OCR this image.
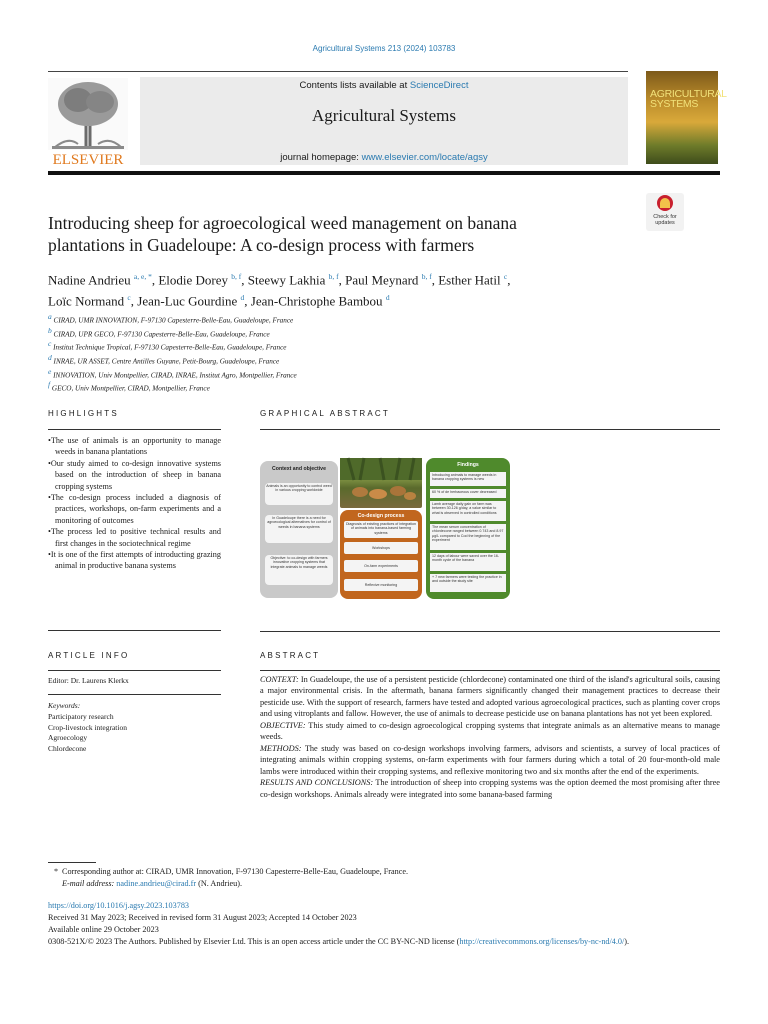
Agricultural Systems 213 (2024) 103783
ELSEVIER
Contents lists available at ScienceDirect
Agricultural Systems
journal homepage: www.elsevier.com/locate/agsy
AGRICULTURAL
SYSTEMS
Introducing sheep for agroecological weed management on banana
plantations in Guadeloupe: A co-design process with farmers
Check for
updates
Nadine Andrieu $^{a, e, *}$, Elodie Dorey $^{b, f}$, Steewy Lakhia $^{b, f}$, Paul Meynard $^{b, f}$, Esther Hatil $^c$,
Loïc Normand $^c$, Jean-Luc Gourdine $^d$, Jean-Christophe Bambou $^d$
$^a$ CIRAD, UMR INNOVATION, F-97130 Capesterre-Belle-Eau, Guadeloupe, France
$^b$ CIRAD, UPR GECO, F-97130 Capesterre-Belle-Eau, Guadeloupe, France
$^c$ Institut Technique Tropical, F-97130 Capesterre-Belle-Eau, Guadeloupe, France
$^d$ INRAE, UR ASSET, Centre Antilles Guyane, Petit-Bourg, Guadeloupe, France
$^e$ INNOVATION, Univ Montpellier, CIRAD, INRAE, Institut Agro, Montpellier, France
$^f$ GECO, Univ Montpellier, CIRAD, Montpellier, France
HIGHLIGHTS
• The use of animals is an opportunity to manage weeds in banana plantations
• Our study aimed to co-design innovative systems based on the introduction of sheep in banana cropping systems
• The co-design process included a diagnosis of practices, workshops, on-farm experiments and a monitoring of outcomes
• The process led to positive technical results and first changes in the sociotechnical regime
• It is one of the first attempts of introducting grazing animal in productive banana systems
GRAPHICAL ABSTRACT
Context and objective
Animals is an opportunity to control weed in various cropping worldwide
In Guadeloupe there is a need for agroecological alternatives for control of weeds in banana systems
Objective: to co-design with farmers innovative cropping systems that integrate animals to manage weeds
Co-design process
Diagnosis of existing practices of integration of animals into banana-based farming systems
Workshops
On-farm experiments
Reflexive monitoring
Findings
Introducing animals to manage weeds in banana cropping systems is new
60 % of de herbaceous cover decreased
Lamb average daily gain on farm was between 30-126 g/day, a value similar to what is observed in controlled conditions
The mean serum concentration of chlordecone ranged between 0.743 and 8.97 µg/L compared to Cod the beginning of the experiment
12 days of labour were saved over the 16-month cycle of the banana
+ 7 new farmers were testing the practice in and outside the study site
ARTICLE INFO
Editor: Dr. Laurens Klerkx
Keywords:
Participatory research
Crop-livestock integration
Agroecology
Chlordecone
ABSTRACT

CONTEXT: In Guadeloupe, the use of a persistent pesticide (chlordecone) contaminated one third of the island's agricultural soils, causing a major environmental crisis. In the aftermath, banana farmers significantly changed their management practices to decrease their pesticide use. With the support of research, farmers have tested and adopted various agroecological practices, such as planting cover crops and using vitroplants and fallow. However, the use of animals to decrease pesticide use on banana plantations has not yet been explored.

OBJECTIVE: This study aimed to co-design agroecological cropping systems that integrate animals as an alternative means to manage weeds.

METHODS: The study was based on co-design workshops involving farmers, advisors and scientists, a survey of local practices of integrating animals within cropping systems, on-farm experiments with four farmers during which a total of 20 four-month-old male lambs were introduced within their cropping systems, and reflexive monitoring two and six months after the end of the experiments.

RESULTS AND CONCLUSIONS: The introduction of sheep into cropping systems was the option deemed the most promising after three co-design workshops. Animals already were integrated into some banana-based farming

* Corresponding author at: CIRAD, UMR Innovation, F-97130 Capesterre-Belle-Eau, Guadeloupe, France.
E-mail address: nadine.andrieu@cirad.fr (N. Andrieu).
https://doi.org/10.1016/j.agsy.2023.103783
Received 31 May 2023; Received in revised form 31 August 2023; Accepted 14 October 2023
Available online 29 October 2023
0308-521X/© 2023 The Authors. Published by Elsevier Ltd. This is an open access article under the CC BY-NC-ND license (http://creativecommons.org/licenses/by-nc-nd/4.0/).
